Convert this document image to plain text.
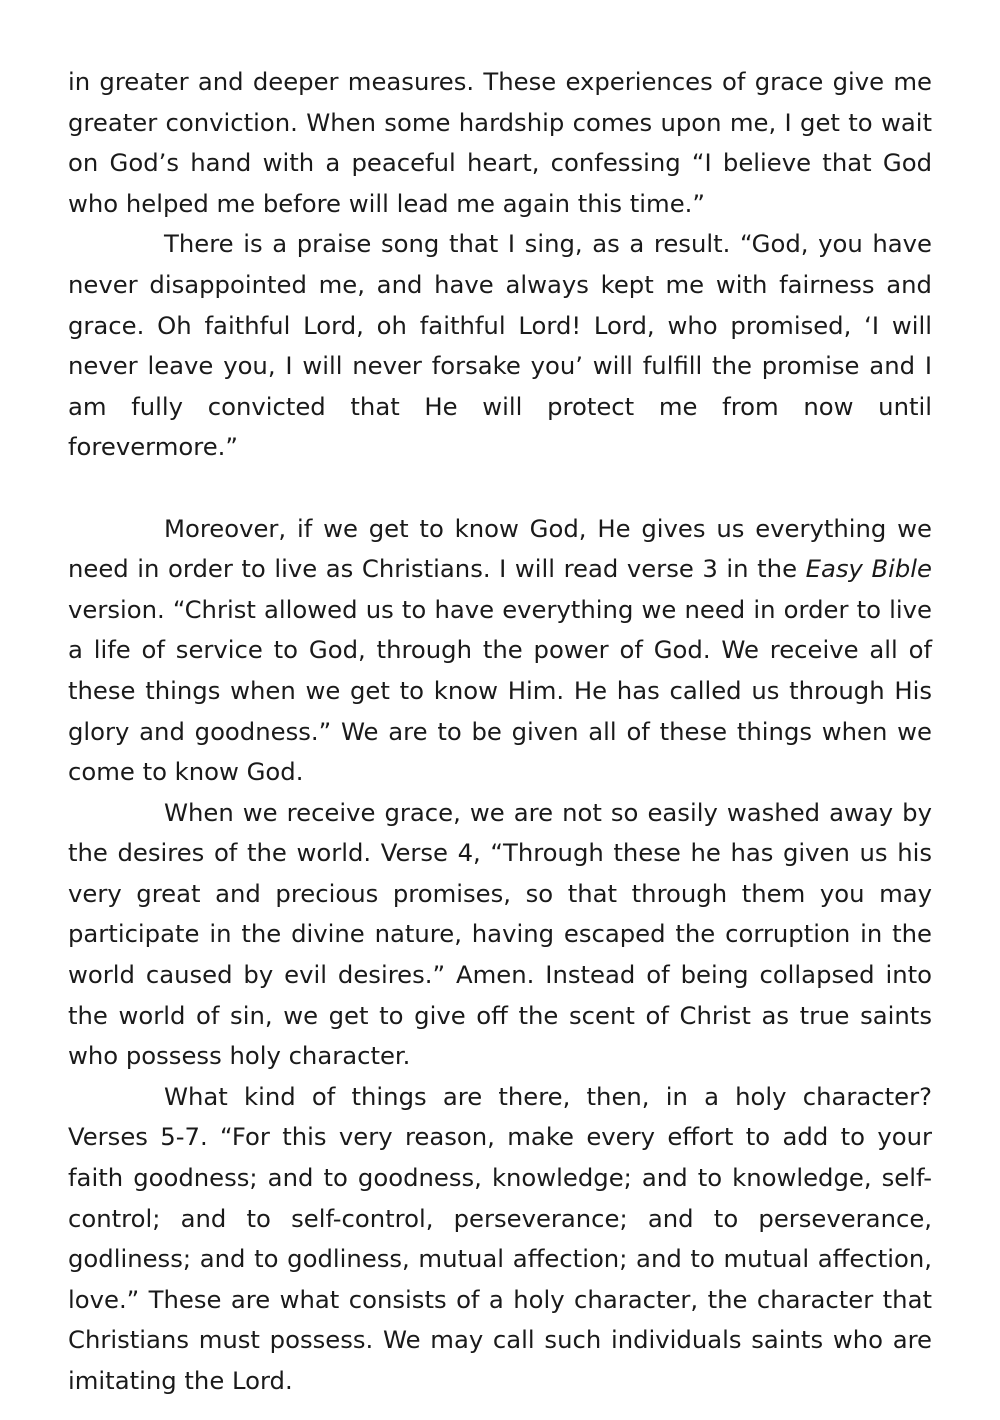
in greater and deeper measures. These experiences of grace give me greater conviction. When some hardship comes upon me, I get to wait on God’s hand with a peaceful heart, confessing “I believe that God who helped me before will lead me again this time.”

There is a praise song that I sing, as a result. “God, you have never disappointed me, and have always kept me with fairness and grace. Oh faithful Lord, oh faithful Lord! Lord, who promised, ‘I will never leave you, I will never forsake you’ will fulfill the promise and I am fully convicted that He will protect me from now until forevermore.”

Moreover, if we get to know God, He gives us everything we need in order to live as Christians. I will read verse 3 in the Easy Bible version. “Christ allowed us to have everything we need in order to live a life of service to God, through the power of God. We receive all of these things when we get to know Him. He has called us through His glory and goodness.” We are to be given all of these things when we come to know God.

When we receive grace, we are not so easily washed away by the desires of the world. Verse 4, “Through these he has given us his very great and precious promises, so that through them you may participate in the divine nature, having escaped the corruption in the world caused by evil desires.” Amen. Instead of being collapsed into the world of sin, we get to give off the scent of Christ as true saints who possess holy character.

What kind of things are there, then, in a holy character? Verses 5-7. “For this very reason, make every effort to add to your faith goodness; and to goodness, knowledge; and to knowledge, self-control; and to self-control, perseverance; and to perseverance, godliness; and to godliness, mutual affection; and to mutual affection, love.” These are what consists of a holy character, the character that Christians must possess. We may call such individuals saints who are imitating the Lord.
